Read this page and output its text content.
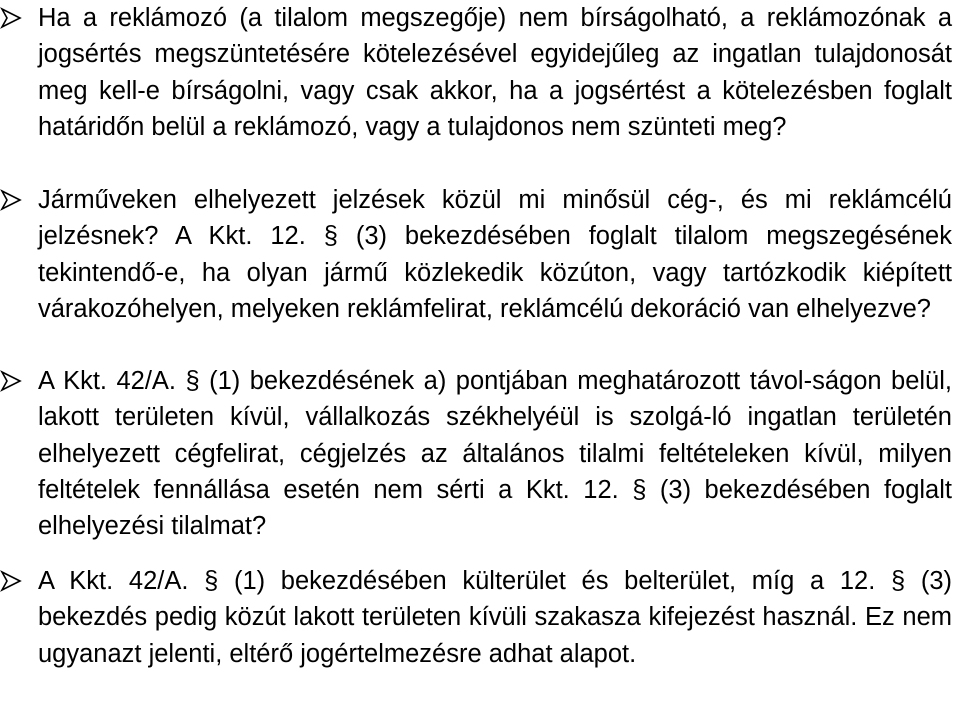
Ha a reklámozó (a tilalom megszegője) nem bírságolható, a reklámozónak a jogsértés megszüntetésére kötelezésével egyidejűleg az ingatlan tulajdonosát meg kell-e bírságolni, vagy csak akkor, ha a jogsértést a kötelezésben foglalt határidőn belül a reklámozó, vagy a tulajdonos nem szünteti meg?
Járműveken elhelyezett jelzések közül mi minősül cég-, és mi reklámcélú jelzésnek? A Kkt. 12. § (3) bekezdésében foglalt tilalom megszegésének tekintendő-e, ha olyan jármű közlekedik közúton, vagy tartózkodik kiépített várakozóhelyen, melyeken reklámfelirat, reklámcélú dekoráció van elhelyezve?
A Kkt. 42/A. § (1) bekezdésének a) pontjában meghatározott távol-ságon belül, lakott területen kívül, vállalkozás székhelyéül is szolgá-ló ingatlan területén elhelyezett cégfelirat, cégjelzés az általános tilalmi feltételeken kívül, milyen feltételek fennállása esetén nem sérti a Kkt. 12. § (3) bekezdésében foglalt elhelyezési tilalmat?
A Kkt. 42/A. § (1) bekezdésében külterület és belterület, míg a 12. § (3) bekezdés pedig közút lakott területen kívüli szakasza kifejezést használ. Ez nem ugyanazt jelenti, eltérő jogértelmezésre adhat alapot.
